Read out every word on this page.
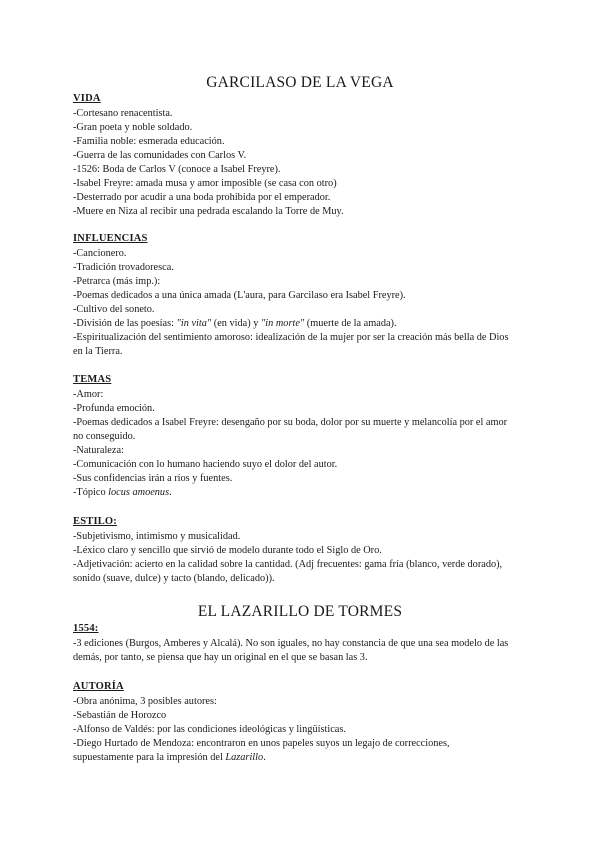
GARCILASO DE LA VEGA
VIDA

-Cortesano renacentista.

-Gran poeta y noble soldado.

-Familia noble: esmerada educación.

-Guerra de las comunidades con Carlos V.

-1526: Boda de Carlos V (conoce a Isabel Freyre).

-Isabel Freyre: amada musa y amor imposible (se casa con otro)

-Desterrado por acudir a una boda prohibida por el emperador.

-Muere en Niza al recibir una pedrada escalando la Torre de Muy.

INFLUENCIAS

-Cancionero.

-Tradición trovadoresca.

-Petrarca (más imp.):

-Poemas dedicados a una única amada (L'aura, para Garcilaso era Isabel Freyre).

-Cultivo del soneto.

-División de las poesías: "in vita" (en vida) y "in morte" (muerte de la amada).

-Espiritualización del sentimiento amoroso: idealización de la mujer por ser la creación más bella de Dios

en la Tierra.

TEMAS

-Amor:

-Profunda emoción.

-Poemas dedicados a Isabel Freyre: desengaño por su boda, dolor por su muerte y melancolía por el amor

no conseguido.

-Naturaleza:

-Comunicación con lo humano haciendo suyo el dolor del autor.

-Sus confidencias irán a ríos y fuentes.

-Tópico locus amoenus.

ESTILO:

-Subjetivismo, intimismo y musicalidad.

-Léxico claro y sencillo que sirvió de modelo durante todo el Siglo de Oro.

-Adjetivación: acierto en la calidad sobre la cantidad. (Adj frecuentes: gama fría (blanco, verde dorado),

sonido (suave, dulce) y tacto (blando, delicado)).

EL LAZARILLO DE TORMES
1554:

-3 ediciones (Burgos, Amberes y Alcalá). No son iguales, no hay constancia de que una sea modelo de las

demás, por tanto, se piensa que hay un original en el que se basan las 3.

AUTORÍA

-Obra anónima, 3 posibles autores:

-Sebastián de Horozco

-Alfonso de Valdés: por las condiciones ideológicas y lingüísticas.

-Diego Hurtado de Mendoza: encontraron en unos papeles suyos un legajo de correcciones,

supuestamente para la impresión del Lazarillo.
